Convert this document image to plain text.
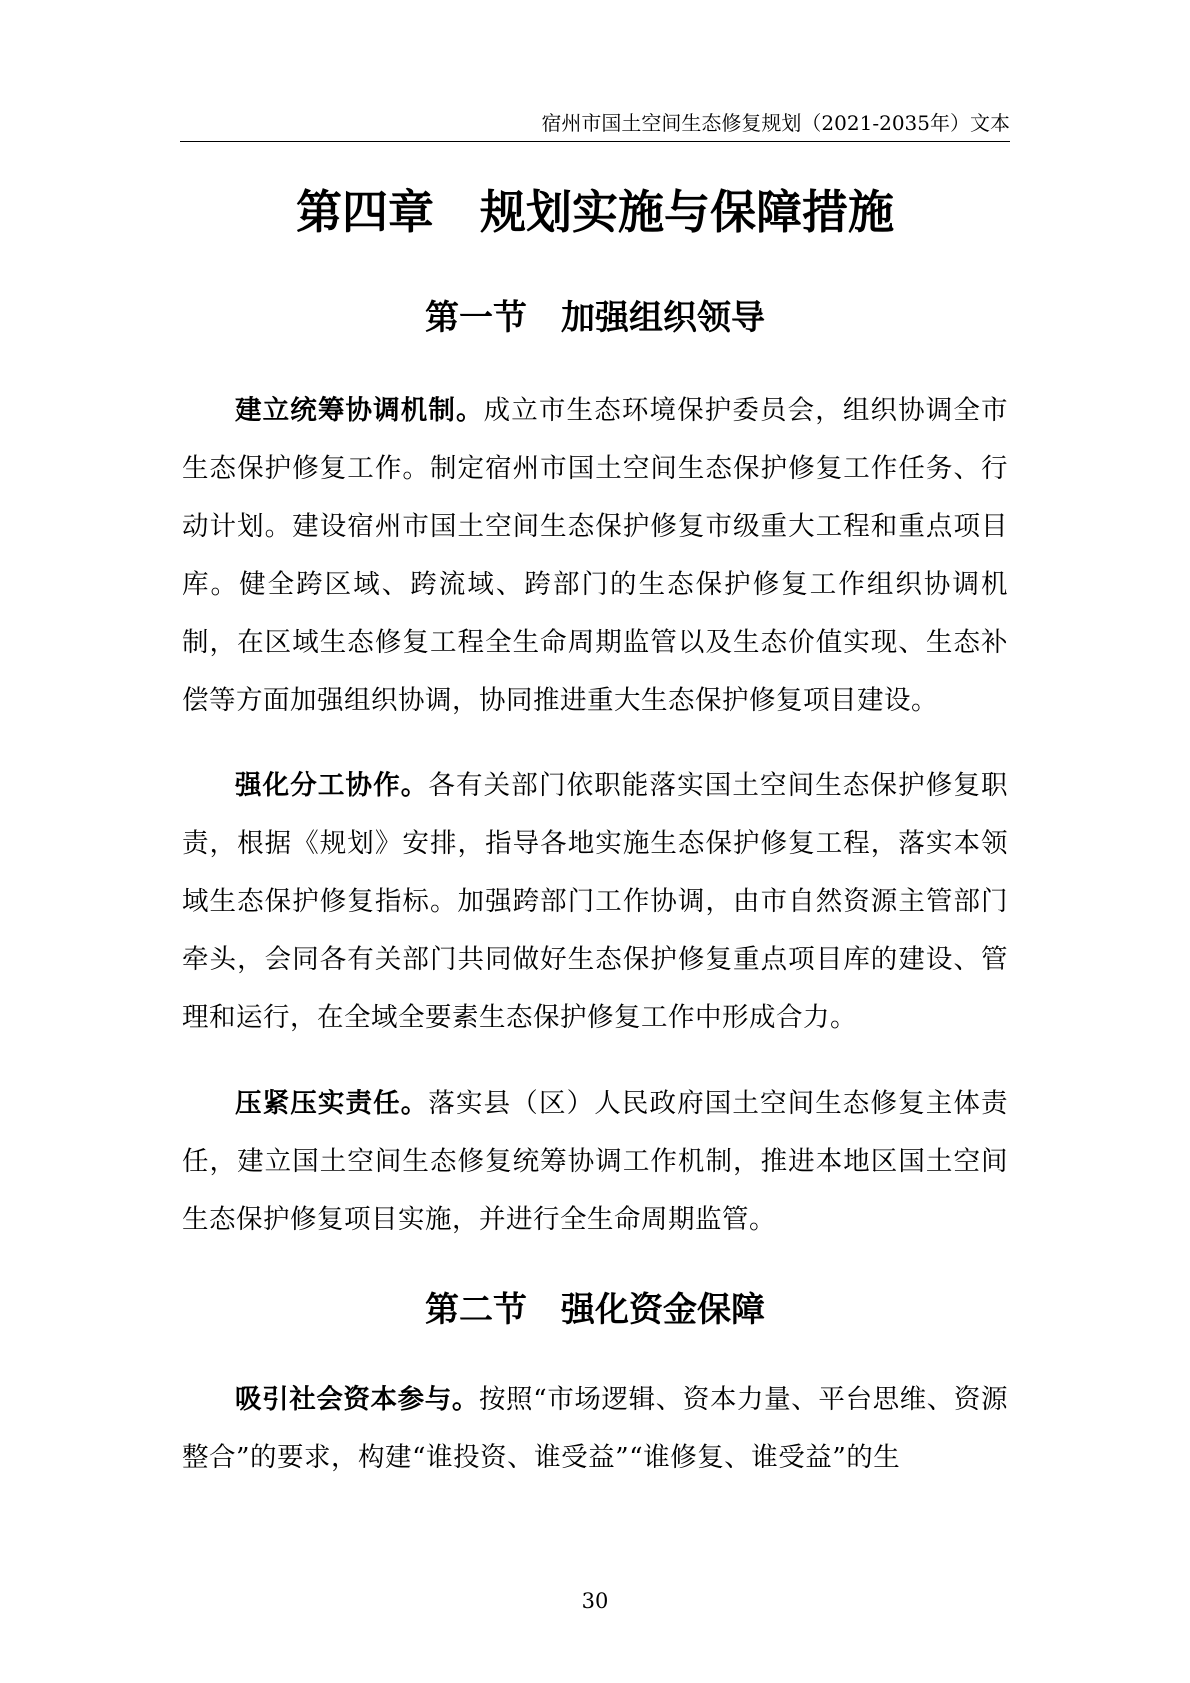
宿州市国土空间生态修复规划（2021-2035年）文本
第四章　规划实施与保障措施
第一节　加强组织领导

建立统筹协调机制。成立市生态环境保护委员会，组织协调全市生态保护修复工作。制定宿州市国土空间生态保护修复工作任务、行动计划。建设宿州市国土空间生态保护修复市级重大工程和重点项目库。健全跨区域、跨流域、跨部门的生态保护修复工作组织协调机制，在区域生态修复工程全生命周期监管以及生态价值实现、生态补偿等方面加强组织协调，协同推进重大生态保护修复项目建设。

强化分工协作。各有关部门依职能落实国土空间生态保护修复职责，根据《规划》安排，指导各地实施生态保护修复工程，落实本领域生态保护修复指标。加强跨部门工作协调，由市自然资源主管部门牵头，会同各有关部门共同做好生态保护修复重点项目库的建设、管理和运行，在全域全要素生态保护修复工作中形成合力。

压紧压实责任。落实县（区）人民政府国土空间生态修复主体责任，建立国土空间生态修复统筹协调工作机制，推进本地区国土空间生态保护修复项目实施，并进行全生命周期监管。

第二节　强化资金保障

吸引社会资本参与。按照“市场逻辑、资本力量、平台思维、资源整合”的要求，构建“谁投资、谁受益”“谁修复、谁受益”的生

30
